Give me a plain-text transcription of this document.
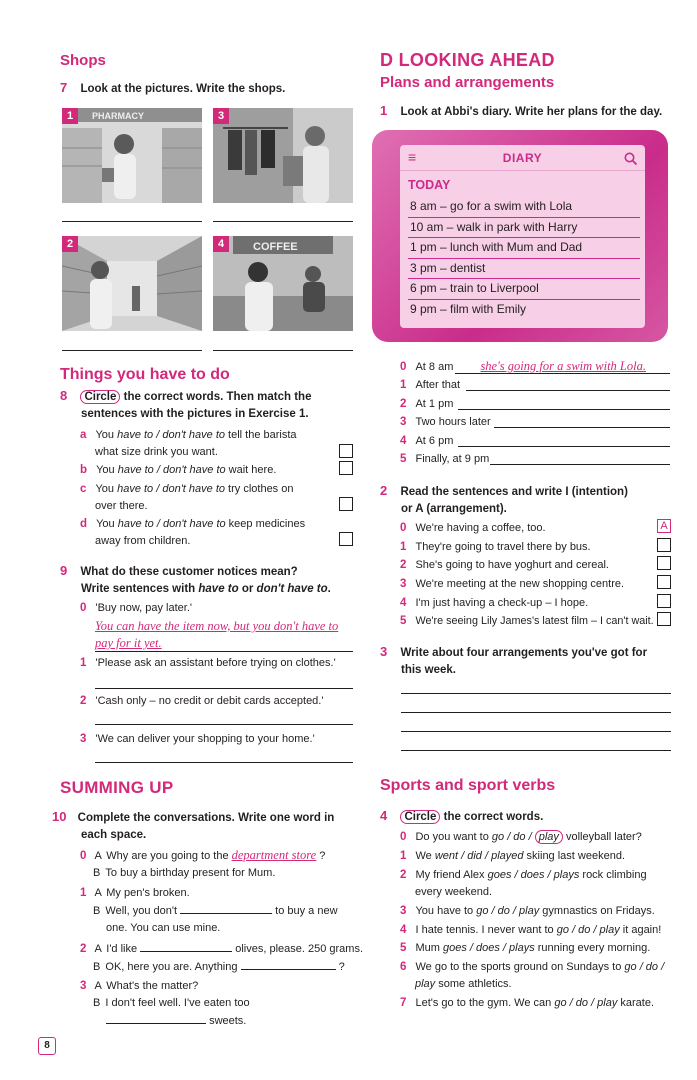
Shops
7 Look at the pictures. Write the shops.
PHARMACY
1	3
2	COFFEE
4
Things you have to do
8 Circle the correct words. Then match the
sentences with the pictures in Exercise 1.
a You have to / don't have to tell the barista
what size drink you want.
b You have to / don't have to wait here.
c You have to / don't have to try clothes on
over there.
d You have to / don't have to keep medicines
away from children.
9 What do these customer notices mean?
Write sentences with have to or don't have to.
0 'Buy now, pay later.'
You can have the item now, but you don't have to
pay for it yet.
1 'Please ask an assistant before trying on clothes.'
2 'Cash only – no credit or debit cards accepted.'
3 'We can deliver your shopping to your home.'
SUMMING UP
10 Complete the conversations. Write one word in
each space.
0 A Why are you going to the department store ?
B To buy a birthday present for Mum.
1 A My pen's broken.
B Well, you don't	to buy a new
one. You can use mine.
2 A I'd like	olives, please. 250 grams.
B OK, here you are. Anything	?
3 A What's the matter?
B I don't feel well. I've eaten too
sweets.
8
D LOOKING AHEAD
Plans and arrangements
1 Look at Abbi's diary. Write her plans for the day.
≡	DIARY
TODAY
8 am – go for a swim with Lola
10 am – walk in park with Harry
1 pm – lunch with Mum and Dad
3 pm – dentist
6 pm – train to Liverpool
9 pm – film with Emily
0 At 8 am she's going for a swim with Lola.
1 After that
2 At 1 pm
3 Two hours later
4 At 6 pm
5 Finally, at 9 pm
2 Read the sentences and write I (intention)
or A (arrangement).
0 We're having a coffee, too.	A
1 They're going to travel there by bus.
2 She's going to have yoghurt and cereal.
3 We're meeting at the new shopping centre.
4 I'm just having a check-up – I hope.
5 We're seeing Lily James's latest film – I can't wait.
3 Write about four arrangements you've got for
this week.
Sports and sport verbs
4 Circle the correct words.
0 Do you want to go / do / play volleyball later?
1 We went / did / played skiing last weekend.
2 My friend Alex goes / does / plays rock climbing
every weekend.
3 You have to go / do / play gymnastics on Fridays.
4 I hate tennis. I never want to go / do / play it again!
5 Mum goes / does / plays running every morning.
6 We go to the sports ground on Sundays to go / do /
play some athletics.
7 Let's go to the gym. We can go / do / play karate.
